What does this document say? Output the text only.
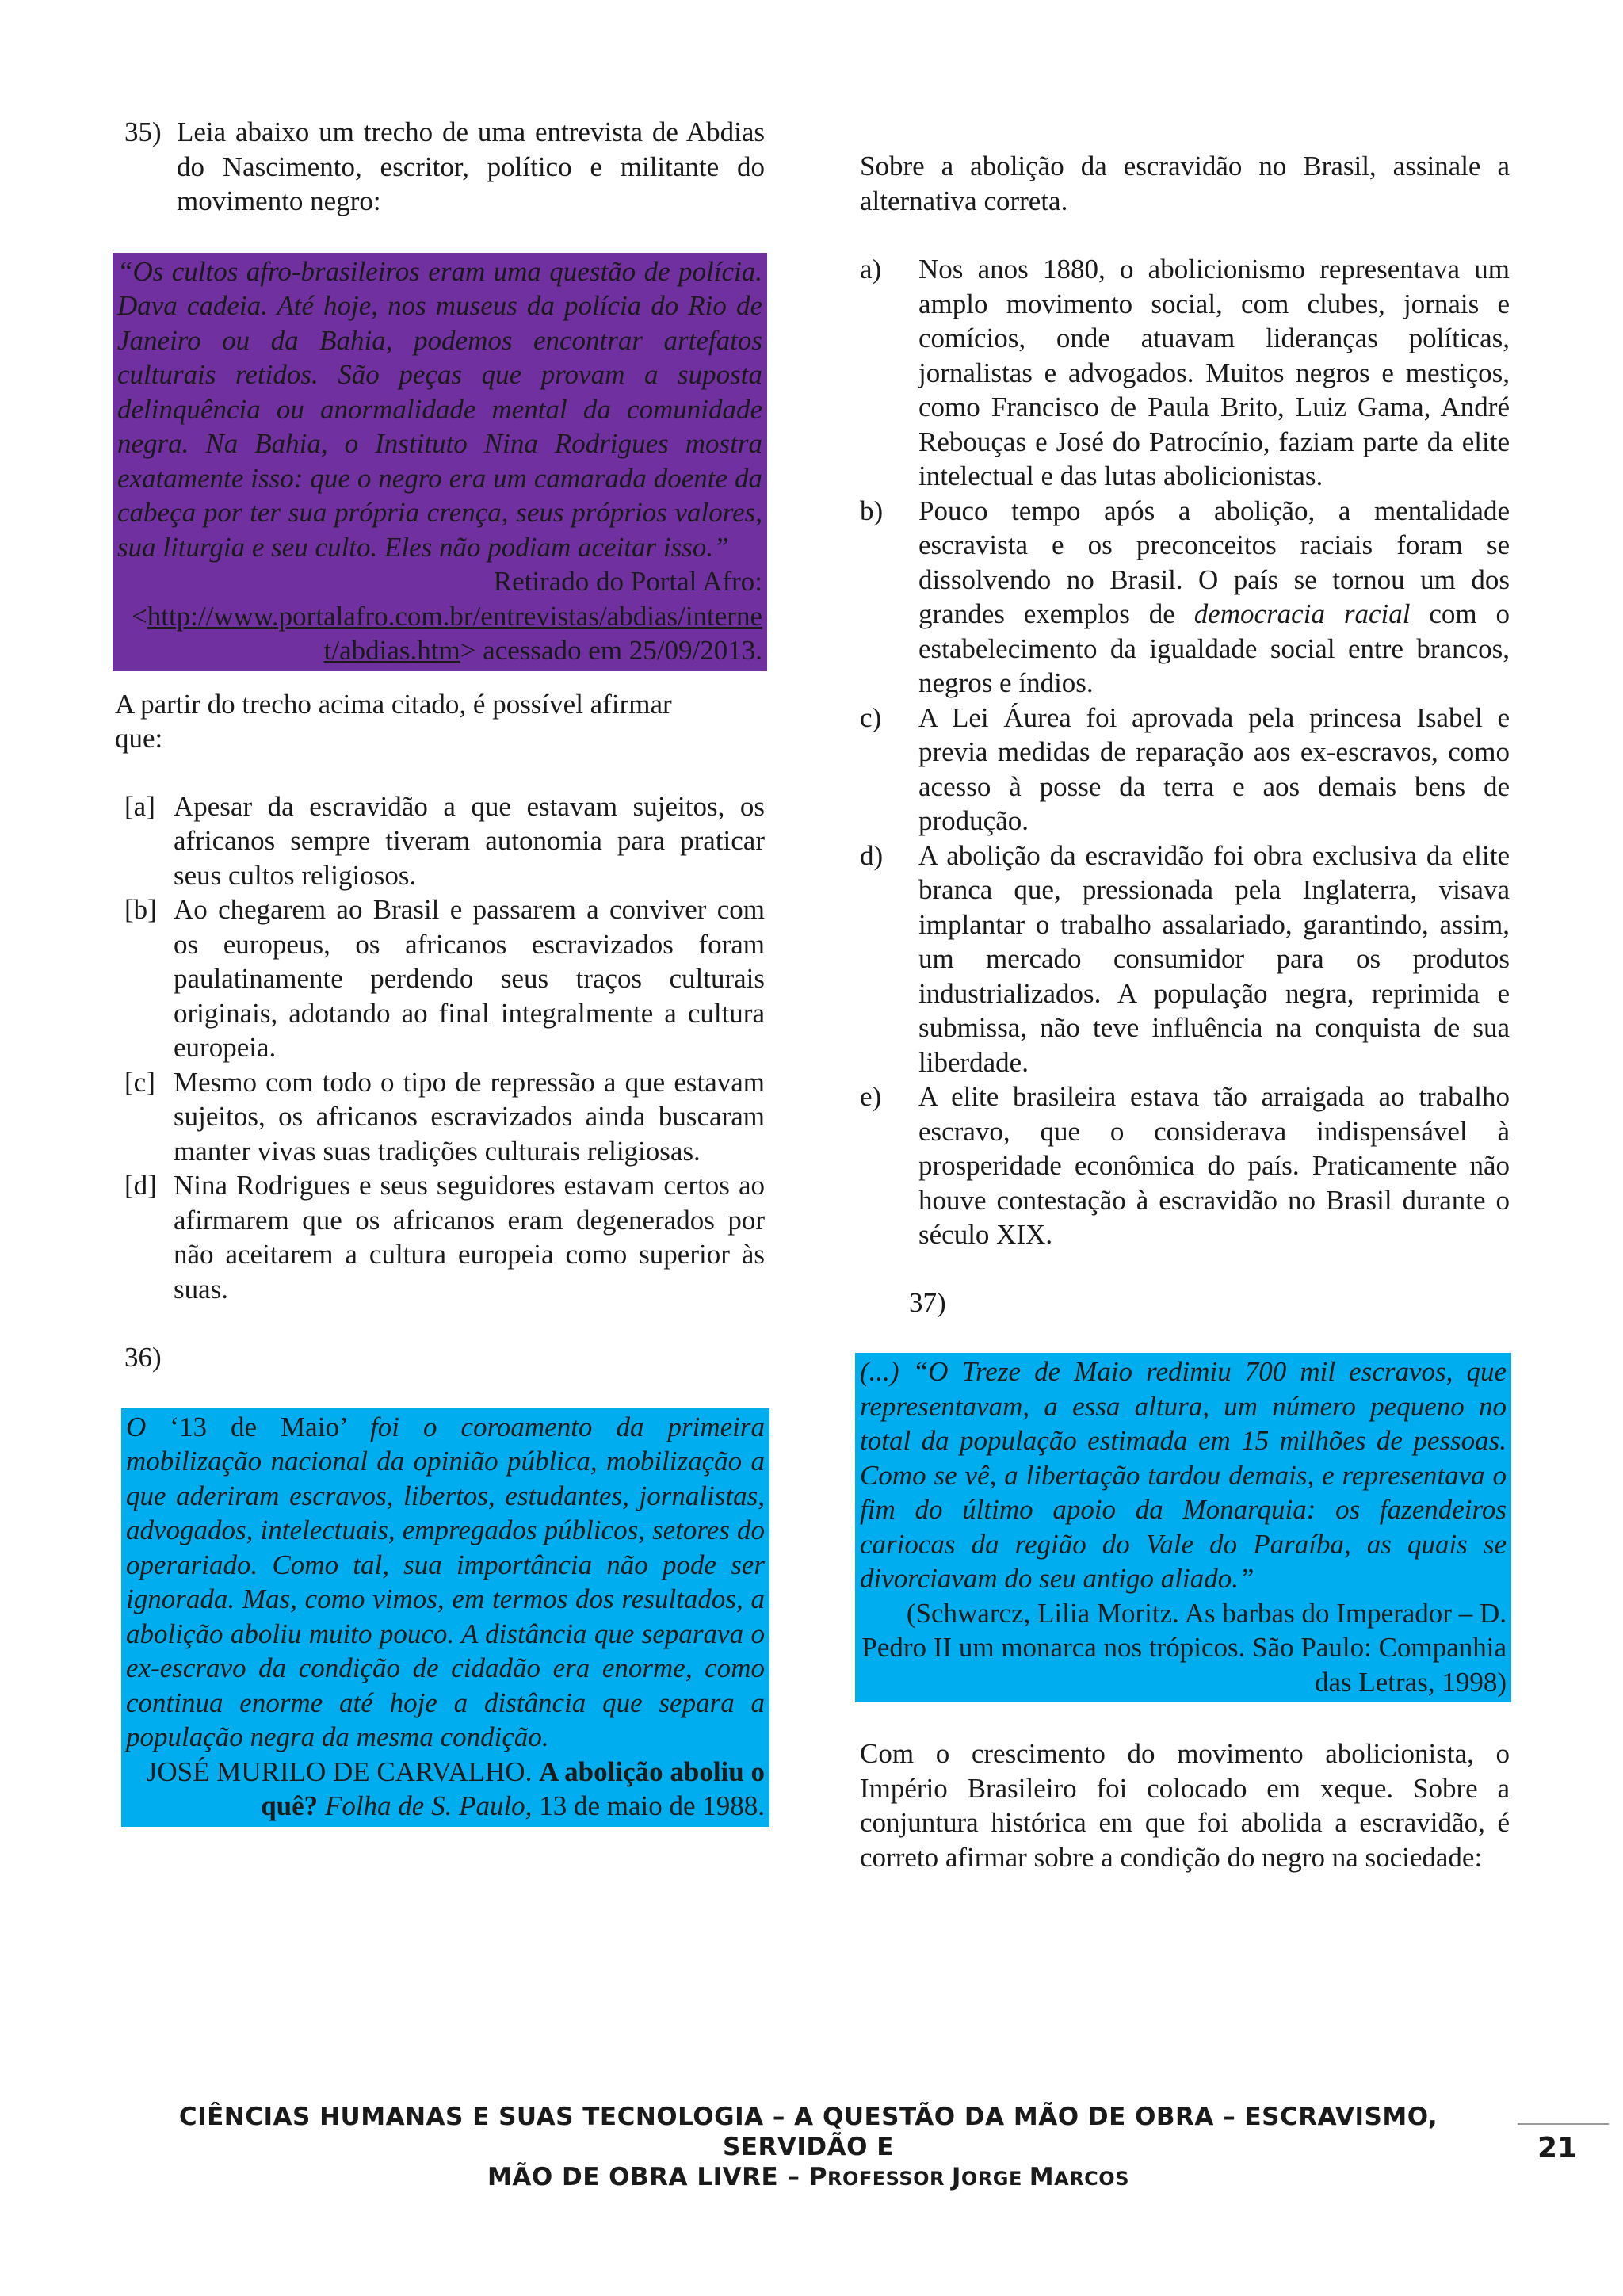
35) Leia abaixo um trecho de uma entrevista de Abdias do Nascimento, escritor, político e militante do movimento negro:

“Os cultos afro-brasileiros eram uma questão de polícia. Dava cadeia. Até hoje, nos museus da polícia do Rio de Janeiro ou da Bahia, podemos encontrar artefatos culturais retidos. São peças que provam a suposta delinquência ou anormalidade mental da comunidade negra. Na Bahia, o Instituto Nina Rodrigues mostra exatamente isso: que o negro era um camarada doente da cabeça por ter sua própria crença, seus próprios valores, sua liturgia e seu culto. Eles não podiam aceitar isso.”

Retirado do Portal Afro:

<http://www.portalafro.com.br/entrevistas/abdias/internet/abdias.htm> acessado em 25/09/2013.

A partir do trecho acima citado, é possível afirmar que:

[a] Apesar da escravidão a que estavam sujeitos, os africanos sempre tiveram autonomia para praticar seus cultos religiosos.
[b] Ao chegarem ao Brasil e passarem a conviver com os europeus, os africanos escravizados foram paulatinamente perdendo seus traços culturais originais, adotando ao final integralmente a cultura europeia.
[c] Mesmo com todo o tipo de repressão a que estavam sujeitos, os africanos escravizados ainda buscaram manter vivas suas tradições culturais religiosas.
[d] Nina Rodrigues e seus seguidores estavam certos ao afirmarem que os africanos eram degenerados por não aceitarem a cultura europeia como superior às suas.

36)

O ‘13 de Maio’ foi o coroamento da primeira mobilização nacional da opinião pública, mobilização a que aderiram escravos, libertos, estudantes, jornalistas, advogados, intelectuais, empregados públicos, setores do operariado. Como tal, sua importância não pode ser ignorada. Mas, como vimos, em termos dos resultados, a abolição aboliu muito pouco. A distância que separava o ex-escravo da condição de cidadão era enorme, como continua enorme até hoje a distância que separa a população negra da mesma condição.

JOSÉ MURILO DE CARVALHO. A abolição aboliu o quê? Folha de S. Paulo, 13 de maio de 1988.

Sobre a abolição da escravidão no Brasil, assinale a alternativa correta.

a)	Nos anos 1880, o abolicionismo representava um amplo movimento social, com clubes, jornais e comícios, onde atuavam lideranças políticas, jornalistas e advogados. Muitos negros e mestiços, como Francisco de Paula Brito, Luiz Gama, André Rebouças e José do Patrocínio, faziam parte da elite intelectual e das lutas abolicionistas.
b)	Pouco tempo após a abolição, a mentalidade escravista e os preconceitos raciais foram se dissolvendo no Brasil. O país se tornou um dos grandes exemplos de democracia racial com o estabelecimento da igualdade social entre brancos, negros e índios.
c)	A Lei Áurea foi aprovada pela princesa Isabel e previa medidas de reparação aos ex-escravos, como acesso à posse da terra e aos demais bens de produção.
d)	A abolição da escravidão foi obra exclusiva da elite branca que, pressionada pela Inglaterra, visava implantar o trabalho assalariado, garantindo, assim, um mercado consumidor para os produtos industrializados. A população negra, reprimida e submissa, não teve influência na conquista de sua liberdade.
e)	A elite brasileira estava tão arraigada ao trabalho escravo, que o considerava indispensável à prosperidade econômica do país. Praticamente não houve contestação à escravidão no Brasil durante o século XIX.

37)

(...) “O Treze de Maio redimiu 700 mil escravos, que representavam, a essa altura, um número pequeno no total da população estimada em 15 milhões de pessoas. Como se vê, a libertação tardou demais, e representava o fim do último apoio da Monarquia: os fazendeiros cariocas da região do Vale do Paraíba, as quais se divorciavam do seu antigo aliado.”

(Schwarcz, Lilia Moritz. As barbas do Imperador – D. Pedro II um monarca nos trópicos. São Paulo: Companhia das Letras, 1998)

Com o crescimento do movimento abolicionista, o Império Brasileiro foi colocado em xeque. Sobre a conjuntura histórica em que foi abolida a escravidão, é correto afirmar sobre a condição do negro na sociedade:

CIÊNCIAS HUMANAS E SUAS TECNOLOGIA – A QUESTÃO DA MÃO DE OBRA – ESCRAVISMO, SERVIDÃO E
MÃO DE OBRA LIVRE – PROFESSOR JORGE MARCOS
21
